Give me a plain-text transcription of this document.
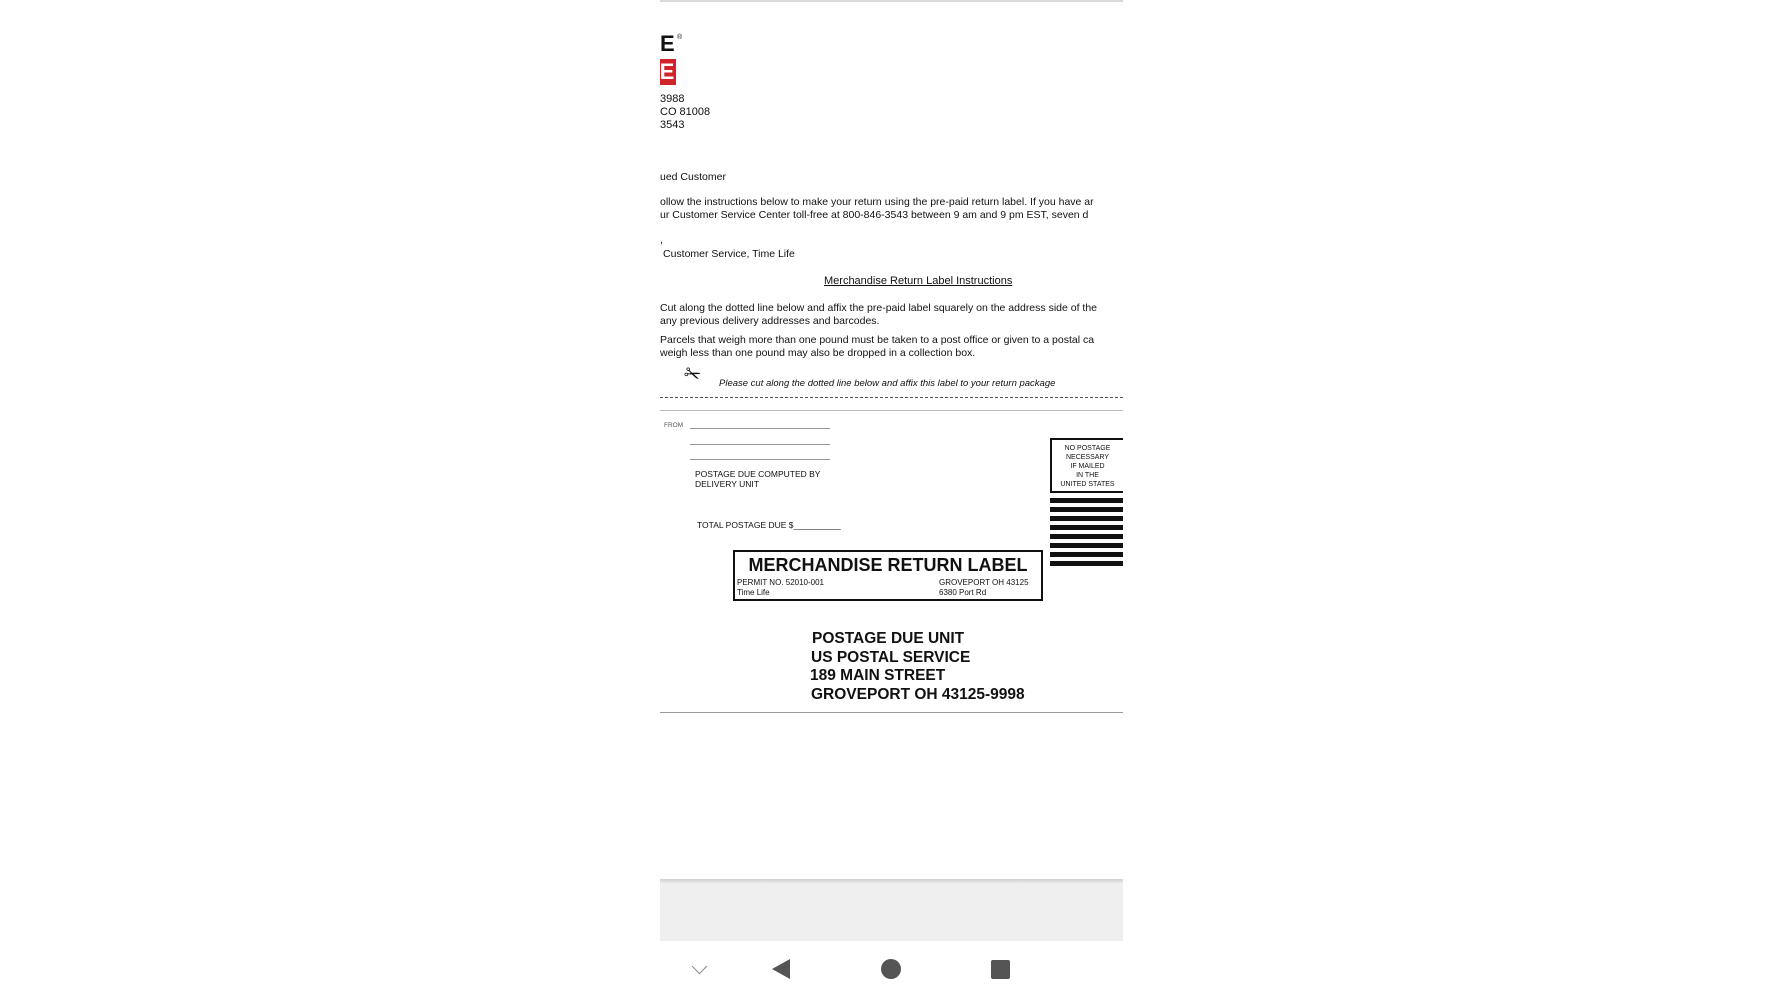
E ®
E
3988
CO 81008
3543
ued Customer
ollow the instructions below to make your return using the pre-paid return label. If you have ar
ur Customer Service Center toll-free at 800-846-3543 between 9 am and 9 pm EST, seven d
,
Customer Service, Time Life
Merchandise Return Label Instructions
Cut along the dotted line below and affix the pre-paid label squarely on the address side of the
any previous delivery addresses and barcodes.
Parcels that weigh more than one pound must be taken to a post office or given to a postal ca
weigh less than one pound may also be dropped in a collection box.
✂ Please cut along the dotted line below and affix this label to your return package
FROM
POSTAGE DUE COMPUTED BY
DELIVERY UNIT
TOTAL POSTAGE DUE $__________
NO POSTAGE
NECESSARY
IF MAILED
IN THE
UNITED STATES
MERCHANDISE RETURN LABEL
PERMIT NO. 52010-001
Time Life
GROVEPORT OH 43125
6380 Port Rd
POSTAGE DUE UNIT
US POSTAL SERVICE
189 MAIN STREET
GROVEPORT OH 43125-9998
